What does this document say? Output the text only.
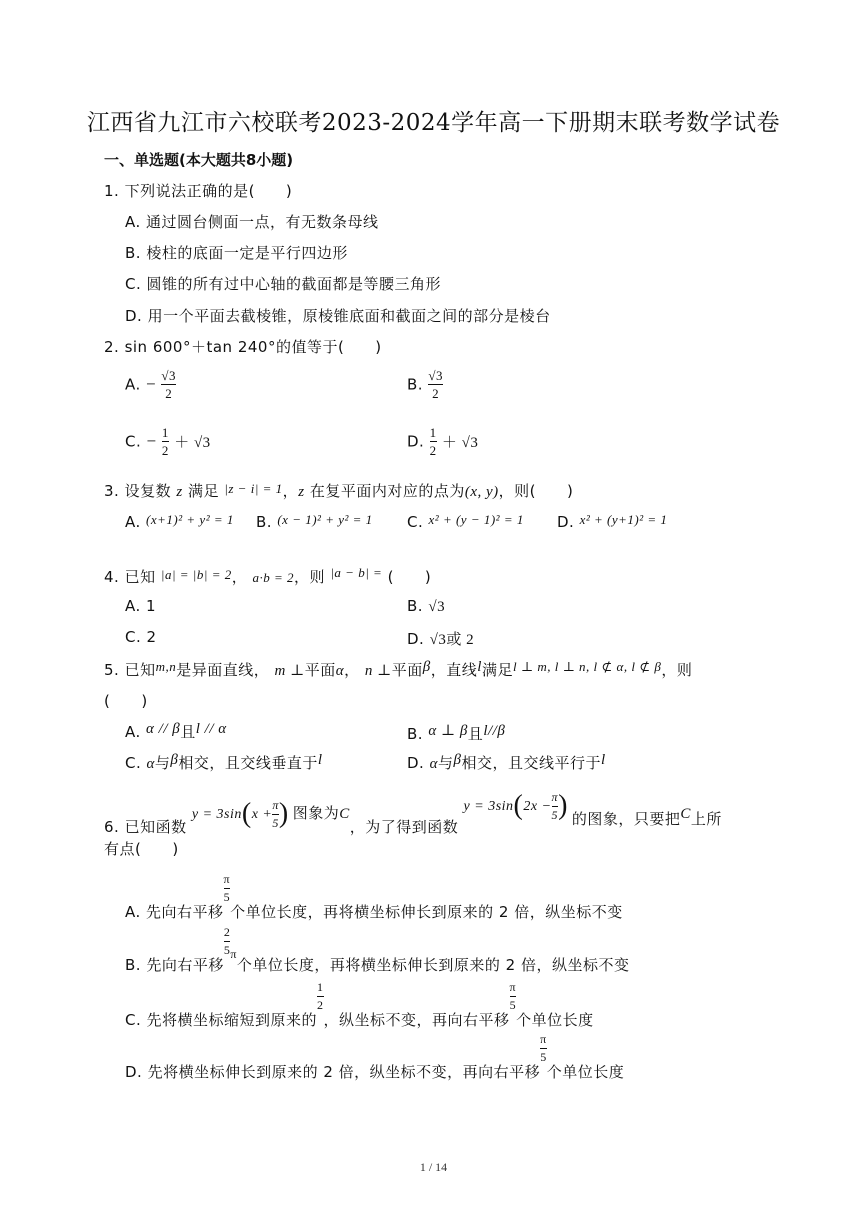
江西省九江市六校联考2023-2024学年高一下册期末联考数学试卷
一、单选题(本大题共8小题)
1. 下列说法正确的是(　　)
A. 通过圆台侧面一点，有无数条母线
B. 棱柱的底面一定是平行四边形
C. 圆锥的所有过中心轴的截面都是等腰三角形
D. 用一个平面去截棱锥，原棱锥底面和截面之间的部分是棱台
2. sin 600°＋tan 240°的值等于(　　)
A. − $\frac{√3}{2}$	B. $\frac{√3}{2}$
C. − $\frac{1}{2} + √3$	D. $\frac{1}{2} + √3$
3. 设复数 z 满足 |z − i| = 1，z 在复平面内对应的点为(x, y)，则(　　)
A. (x+1)² + y² = 1 B. (x − 1)² + y² = 1 C. x² + (y − 1)² = 1 D. x² + (y+1)² = 1
4. 已知 |a| = |b| = 2， a·b = 2，则 |a − b| = (　　)
A. 1	B. √3
C. 2	D. √3或 2
5. 已知m,n是异面直线， m ⊥平面α， n ⊥平面β，直线l满足l ⊥ m, l ⊥ n, l ⊄ α, l ⊄ β，则
(　　)
A. α // β且l // α	B. α ⊥ β且l//β
C. α与β相交，且交线垂直于l	D. α与β相交，且交线平行于l
6. 已知函数 $y = 3\sin(x + \frac{\pi}{5}$ ) 图象为C，为了得到函数 $y = 3\sin(2x - \frac{\pi}{5}$ ) 的图象，只要把C上所
有点(　　)
A. 先向右平移
$\frac{\pi}{5}$
个单位长度，再将横坐标伸长到原来的 2 倍，纵坐标不变
B. 先向右平移
$\frac{2}{5}$ π个单位长度，再将横坐标伸长到原来的 2 倍，纵坐标不变
C. 先将横坐标缩短到原来的
$\frac{1}{2}$
，纵坐标不变，再向右平移
$\frac{\pi}{5}$
个单位长度
D. 先将横坐标伸长到原来的 2 倍，纵坐标不变，再向右平移
$\frac{\pi}{5}$
个单位长度
1 / 14
